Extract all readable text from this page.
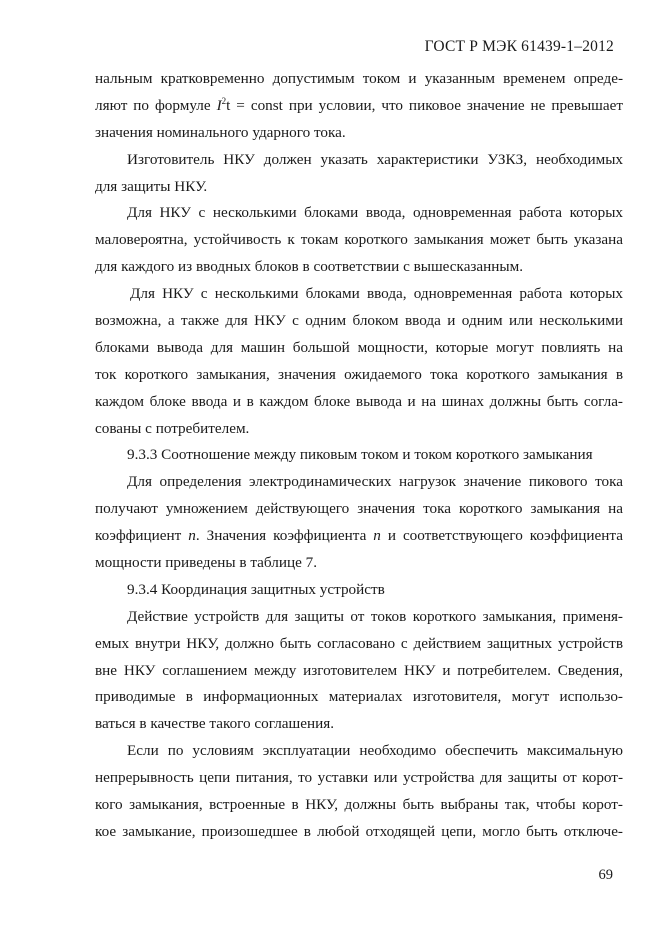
ГОСТ Р МЭК 61439-1–2012

нальным кратковременно допустимым током и указанным временем опреде-
ляют по формуле $I^2t$ = const при условии, что пиковое значение не превышает
значения номинального ударного тока.

Изготовитель НКУ должен указать характеристики УЗКЗ, необходимых
для защиты НКУ.

Для НКУ с несколькими блоками ввода, одновременная работа которых
маловероятна, устойчивость к токам короткого замыкания может быть указана
для каждого из вводных блоков в соответствии с вышесказанным.

Для НКУ с несколькими блоками ввода, одновременная работа которых
возможна, а также для НКУ с одним блоком ввода и одним или несколькими
блоками вывода для машин большой мощности, которые могут повлиять на
ток короткого замыкания, значения ожидаемого тока короткого замыкания в
каждом блоке ввода и в каждом блоке вывода и на шинах должны быть согла-
сованы с потребителем.

9.3.3 Соотношение между пиковым током и током короткого замыкания

Для определения электродинамических нагрузок значение пикового тока
получают умножением действующего значения тока короткого замыкания на
коэффициент n. Значения коэффициента n и соответствующего коэффициента
мощности приведены в таблице 7.

9.3.4 Координация защитных устройств

Действие устройств для защиты от токов короткого замыкания, применя-
емых внутри НКУ, должно быть согласовано с действием защитных устройств
вне НКУ соглашением между изготовителем НКУ и потребителем. Сведения,
приводимые в информационных материалах изготовителя, могут использо-
ваться в качестве такого соглашения.

Если по условиям эксплуатации необходимо обеспечить максимальную
непрерывность цепи питания, то уставки или устройства для защиты от корот-
кого замыкания, встроенные в НКУ, должны быть выбраны так, чтобы корот-
кое замыкание, произошедшее в любой отходящей цепи, могло быть отключе-

69
